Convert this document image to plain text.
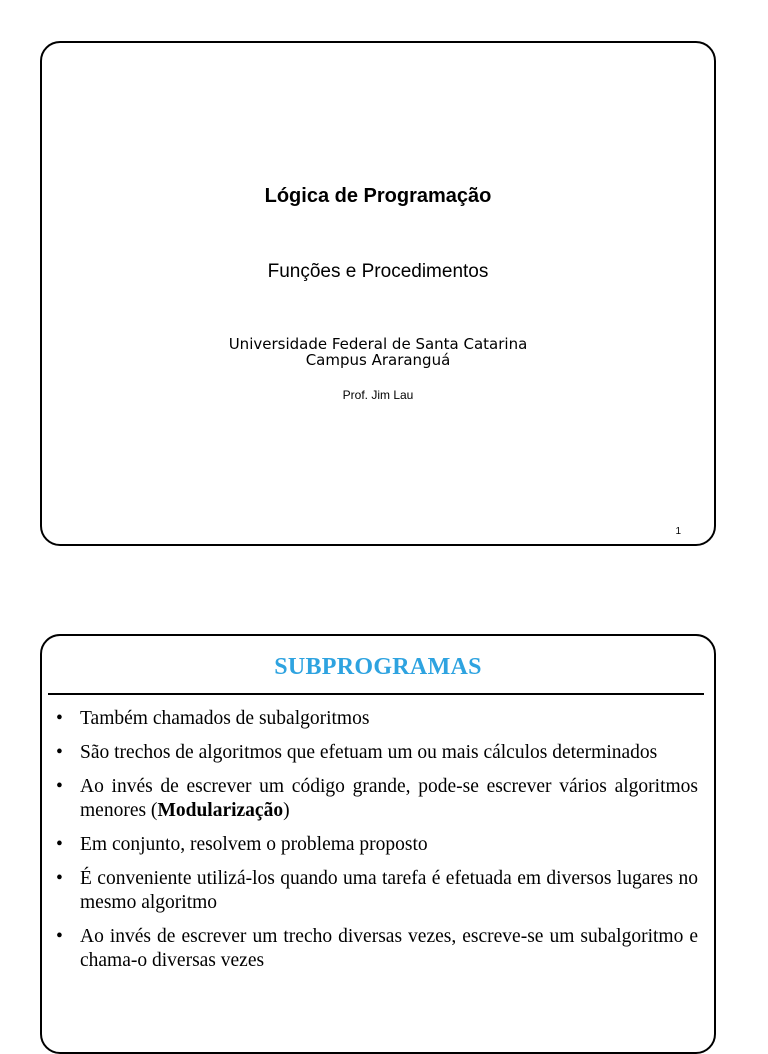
Lógica de Programação
Funções e Procedimentos
Universidade Federal de Santa Catarina
Campus Araranguá
Prof. Jim Lau
1
SUBPROGRAMAS
• Também chamados de subalgoritmos
• São trechos de algoritmos que efetuam um ou mais cálculos determinados
• Ao invés de escrever um código grande, pode-se escrever vários algoritmos menores (Modularização)
• Em conjunto, resolvem o problema proposto
• É conveniente utilizá-los quando uma tarefa é efetuada em diversos lugares no mesmo algoritmo
• Ao invés de escrever um trecho diversas vezes, escreve-se um subalgoritmo e chama-o diversas vezes
